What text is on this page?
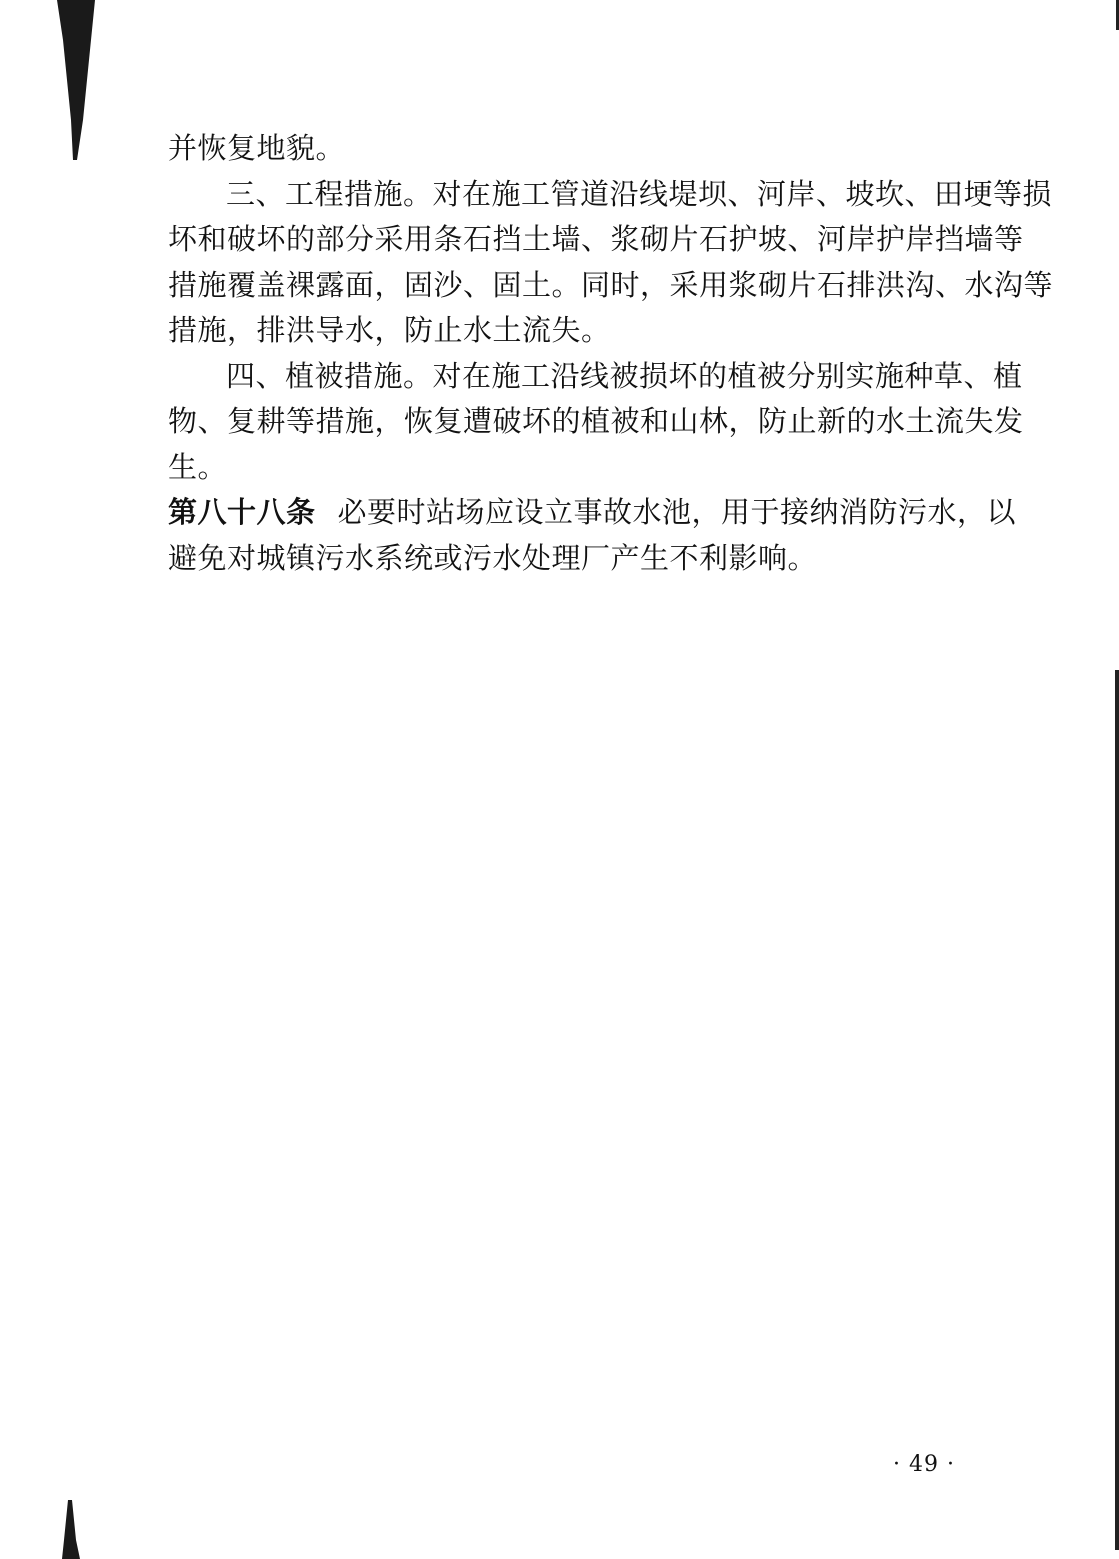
并恢复地貌。
三、工程措施。对在施工管道沿线堤坝、河岸、坡坎、田埂等损
坏和破坏的部分采用条石挡土墙、浆砌片石护坡、河岸护岸挡墙等
措施覆盖裸露面，固沙、固土。同时，采用浆砌片石排洪沟、水沟等
措施，排洪导水，防止水土流失。
四、植被措施。对在施工沿线被损坏的植被分别实施种草、植
物、复耕等措施，恢复遭破坏的植被和山林，防止新的水土流失发
生。
第八十八条 必要时站场应设立事故水池，用于接纳消防污水，以
避免对城镇污水系统或污水处理厂产生不利影响。
· 49 ·
